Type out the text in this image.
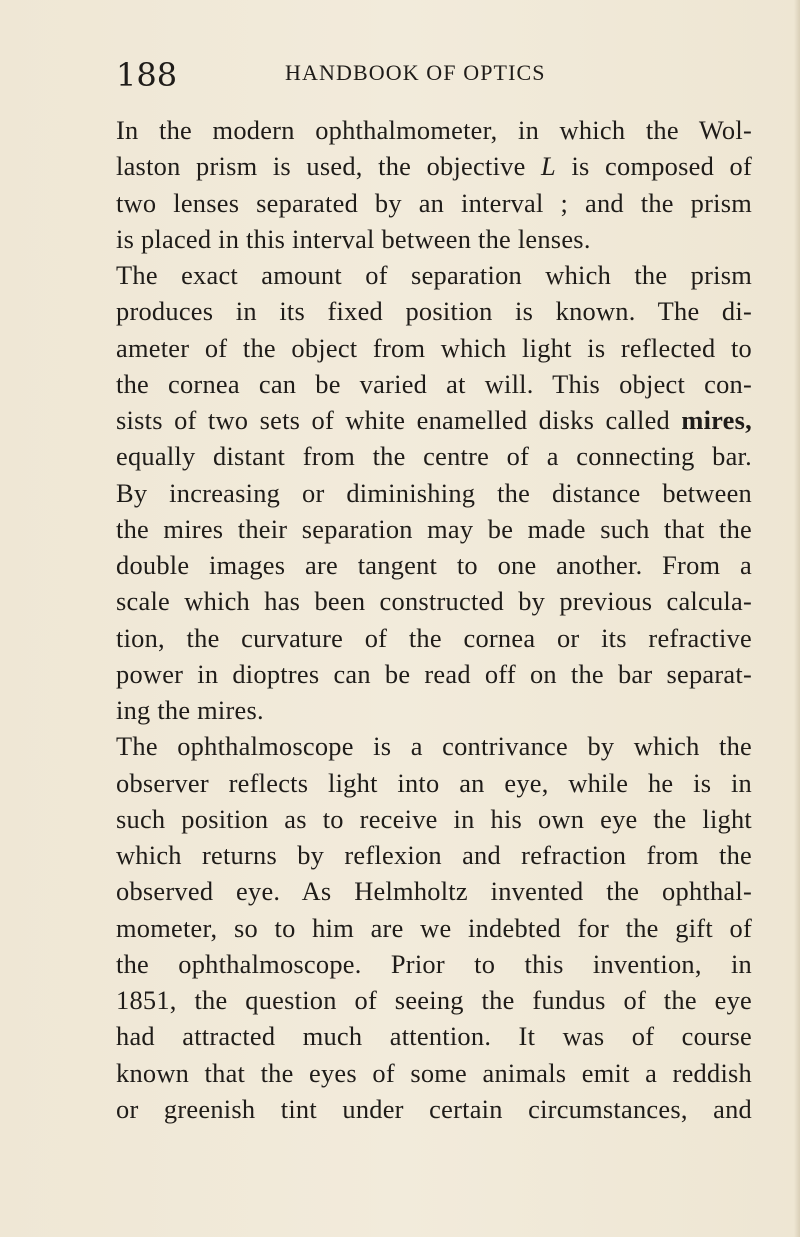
188	HANDBOOK OF OPTICS
In the modern ophthalmometer, in which the Wol-
laston prism is used, the objective L is composed of
two lenses separated by an interval ; and the prism
is placed in this interval between the lenses.
The exact amount of separation which the prism
produces in its fixed position is known. The di-
ameter of the object from which light is reflected to
the cornea can be varied at will. This object con-
sists of two sets of white enamelled disks called mires,
equally distant from the centre of a connecting bar.
By increasing or diminishing the distance between
the mires their separation may be made such that the
double images are tangent to one another. From a
scale which has been constructed by previous calcula-
tion, the curvature of the cornea or its refractive
power in dioptres can be read off on the bar separat-
ing the mires.
The ophthalmoscope is a contrivance by which the
observer reflects light into an eye, while he is in
such position as to receive in his own eye the light
which returns by reflexion and refraction from the
observed eye. As Helmholtz invented the ophthal-
mometer, so to him are we indebted for the gift of
the ophthalmoscope. Prior to this invention, in
1851, the question of seeing the fundus of the eye
had attracted much attention. It was of course
known that the eyes of some animals emit a reddish
or greenish tint under certain circumstances, and
